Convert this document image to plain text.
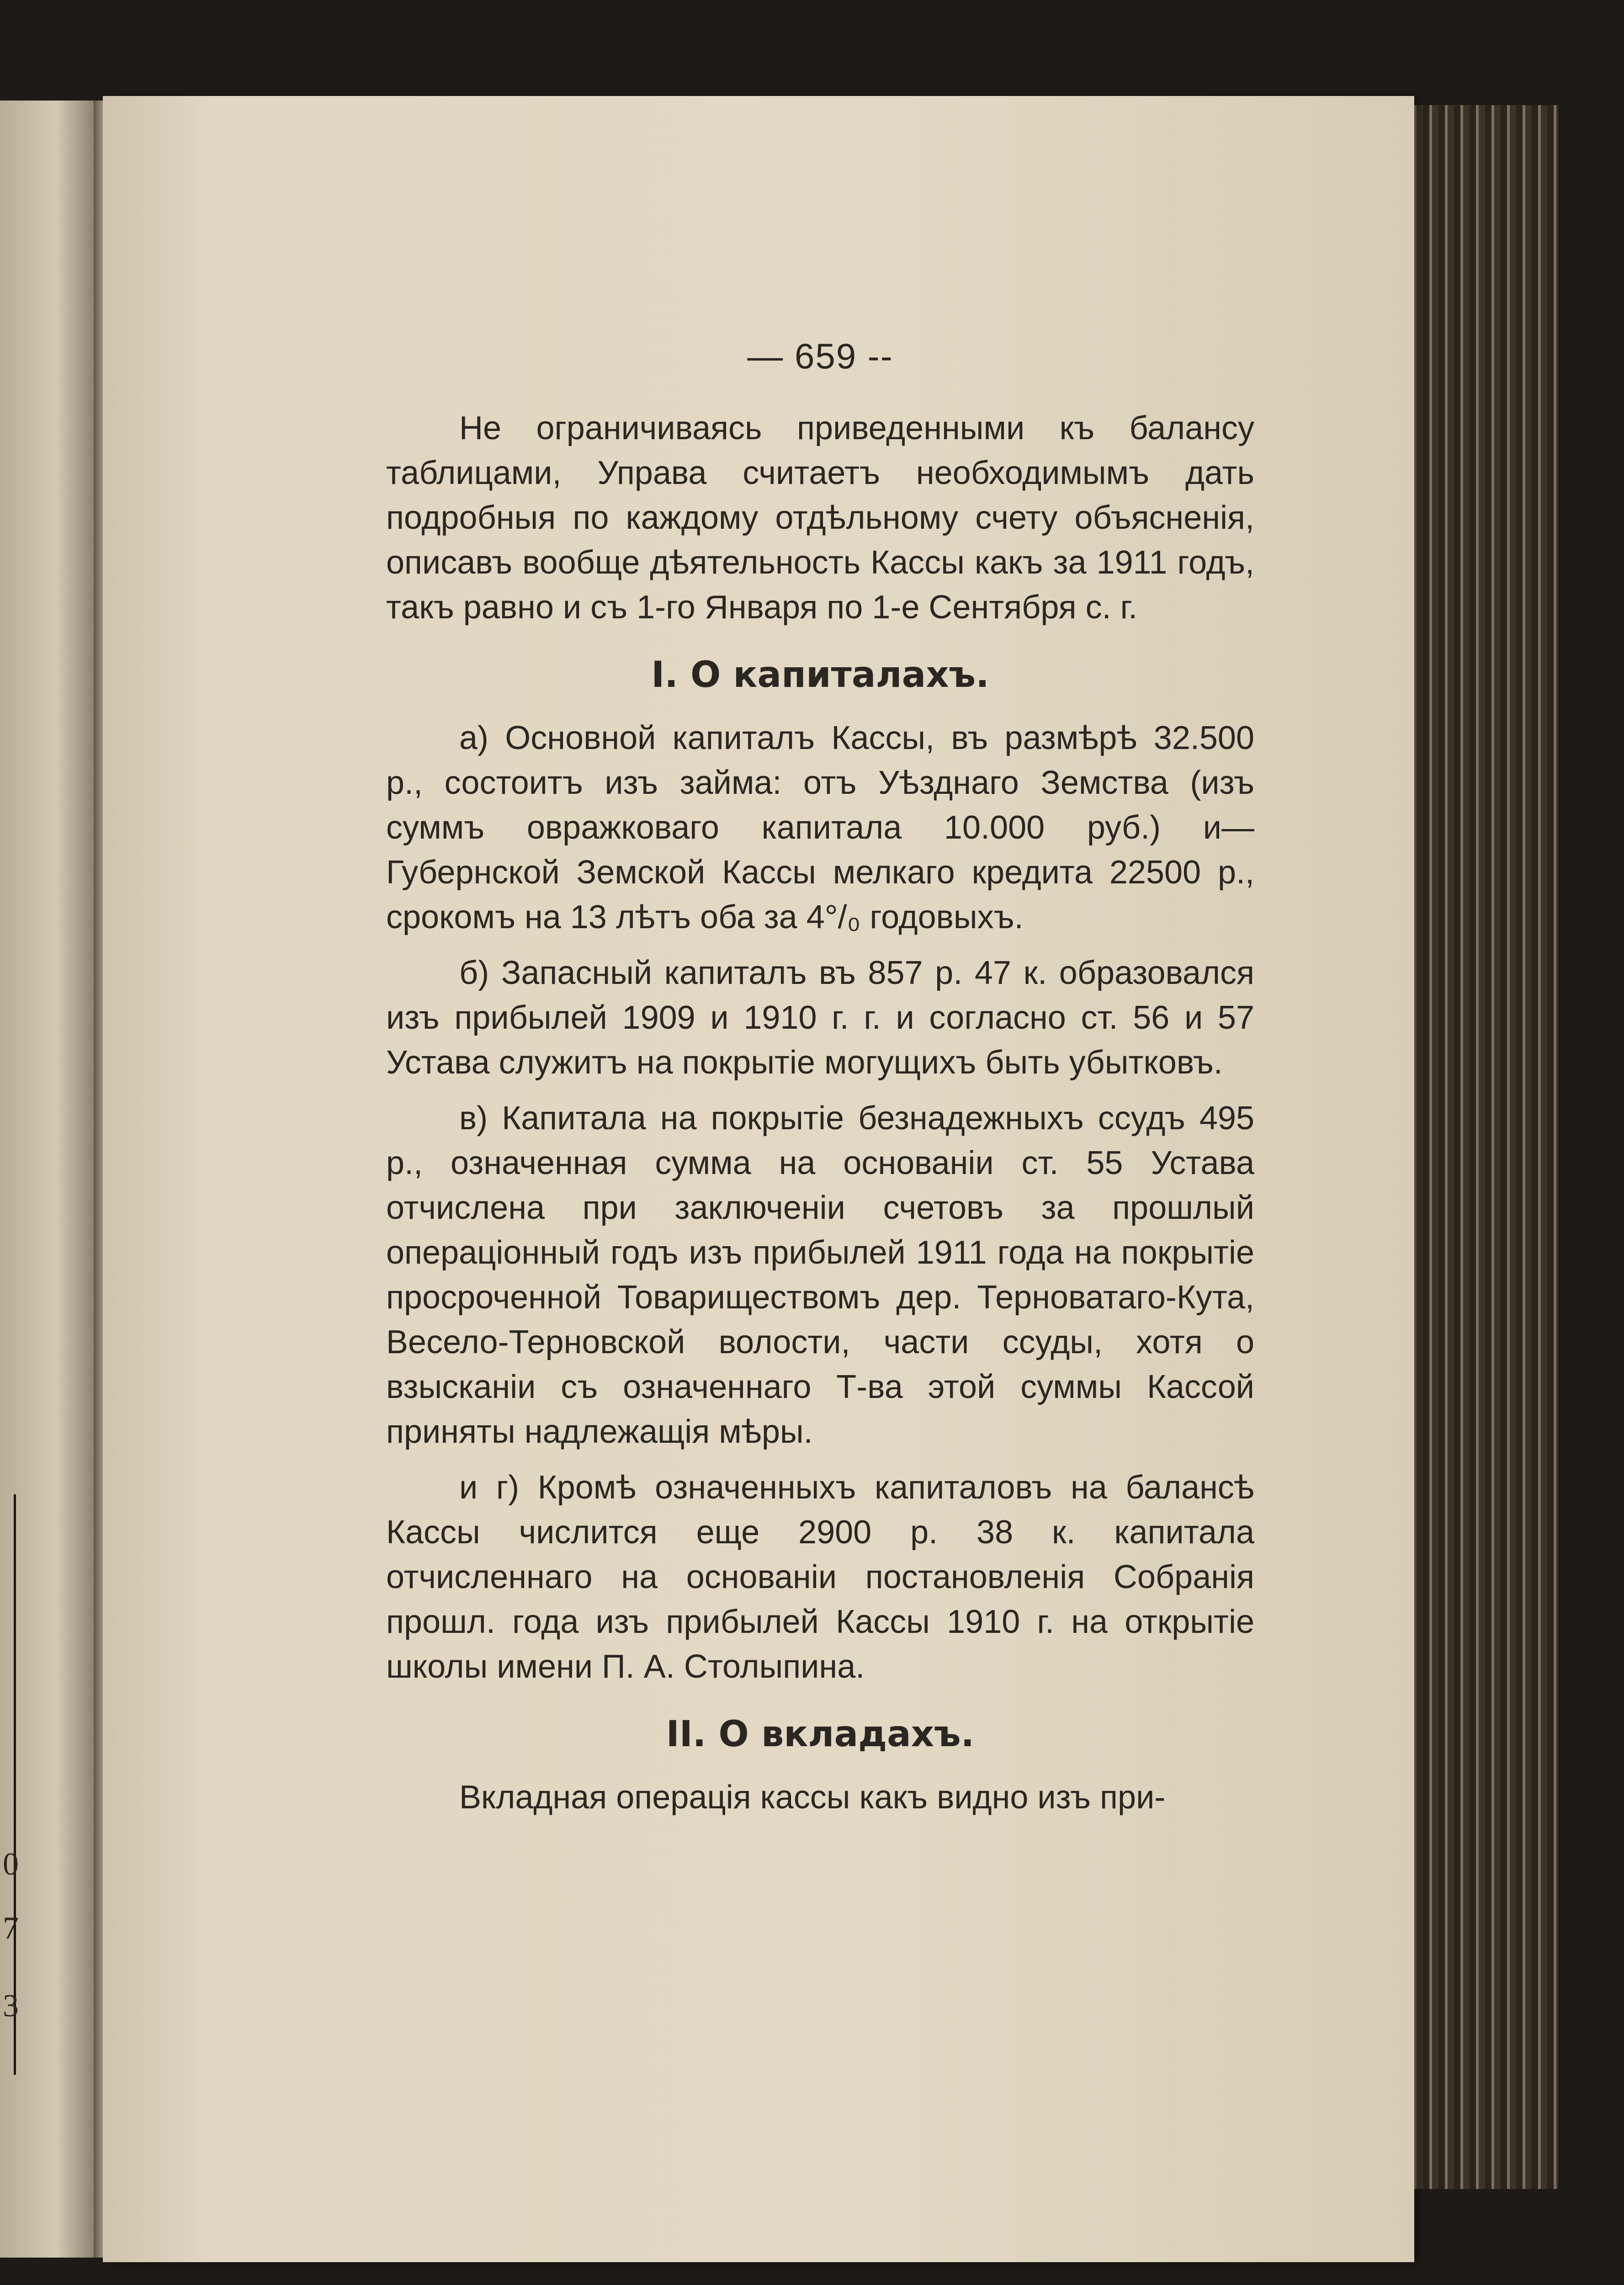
0
7
3
— 659 --

Не ограничиваясь приведенными къ балансу таблицами, Управа считаетъ необходимымъ дать подробныя по каждому отдѣльному счету объясненія, описавъ вообще дѣятельность Кассы какъ за 1911 годъ, такъ равно и съ 1-го Января по 1-е Сентября с. г.

I. О капиталахъ.

а) Основной капиталъ Кассы, въ размѣрѣ 32.500 р., состоитъ изъ займа: отъ Уѣзднаго Земства (изъ суммъ овражковаго капитала 10.000 руб.) и—Губернской Земской Кассы мелкаго кредита 22500 р., срокомъ на 13 лѣтъ оба за 4°/₀ годовыхъ.

б) Запасный капиталъ въ 857 р. 47 к. образовался изъ прибылей 1909 и 1910 г. г. и согласно ст. 56 и 57 Устава служитъ на покрытіе могущихъ быть убытковъ.

в) Капитала на покрытіе безнадежныхъ ссудъ 495 р., означенная сумма на основаніи ст. 55 Устава отчислена при заключеніи счетовъ за прошлый операціонный годъ изъ прибылей 1911 года на покрытіе просроченной Товариществомъ дер. Терноватаго-Кута, Весело-Терновской волости, части ссуды, хотя о взысканіи съ означеннаго Т-ва этой суммы Кассой приняты надлежащія мѣры.

и г) Кромѣ означенныхъ капиталовъ на балансѣ Кассы числится еще 2900 р. 38 к. капитала отчисленнаго на основаніи постановленія Собранія прошл. года изъ прибылей Кассы 1910 г. на открытіе школы имени П. А. Столыпина.

II. О вкладахъ.

Вкладная операція кассы какъ видно изъ при-
